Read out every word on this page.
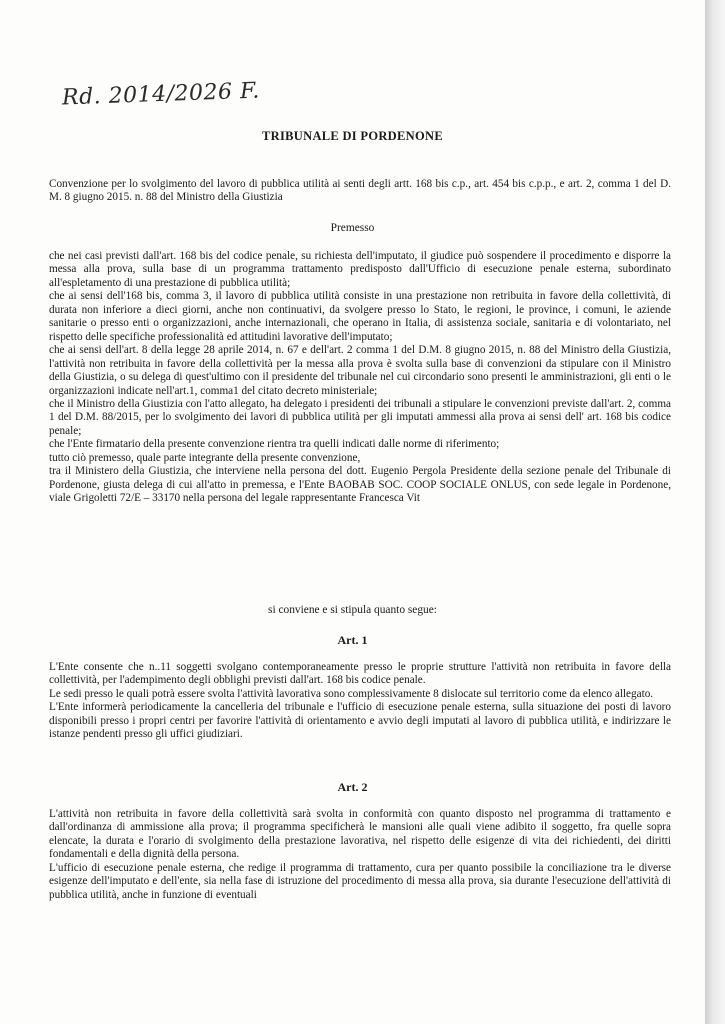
Rd. 2014/2026 F.
TRIBUNALE DI PORDENONE
Convenzione per lo svolgimento del lavoro di pubblica utilità ai senti degli artt. 168 bis c.p., art. 454 bis c.p.p., e art. 2, comma 1 del D. M. 8 giugno 2015. n. 88 del Ministro della Giustizia
Premesso

che nei casi previsti dall'art. 168 bis del codice penale, su richiesta dell'imputato, il giudice può sospendere il procedimento e disporre la messa alla prova, sulla base di un programma trattamento predisposto dall'Ufficio di esecuzione penale esterna, subordinato all'espletamento di una prestazione di pubblica utilità;

che ai sensi dell'168 bis, comma 3, il lavoro di pubblica utilità consiste in una prestazione non retribuita in favore della collettività, di durata non inferiore a dieci giorni, anche non continuativi, da svolgere presso lo Stato, le regioni, le province, i comuni, le aziende sanitarie o presso enti o organizzazioni, anche internazionali, che operano in Italia, di assistenza sociale, sanitaria e di volontariato, nel rispetto delle specifiche professionalità ed attitudini lavorative dell'imputato;

che ai sensi dell'art. 8 della legge 28 aprile 2014, n. 67 e dell'art. 2 comma 1 del D.M. 8 giugno 2015, n. 88 del Ministro della Giustizia, l'attività non retribuita in favore della collettività per la messa alla prova è svolta sulla base di convenzioni da stipulare con il Ministro della Giustizia, o su delega di quest'ultimo con il presidente del tribunale nel cui circondario sono presenti le amministrazioni, gli enti o le organizzazioni indicate nell'art.1, comma1 del citato decreto ministeriale;

che il Ministro della Giustizia con l'atto allegato, ha delegato i presidenti dei tribunali a stipulare le convenzioni previste dall'art. 2, comma 1 del D.M. 88/2015, per lo svolgimento dei lavori di pubblica utilità per gli imputati ammessi alla prova ai sensi dell' art. 168 bis codice penale;

che l'Ente firmatario della presente convenzione rientra tra quelli indicati dalle norme di riferimento;

tutto ciò premesso, quale parte integrante della presente convenzione,

tra il Ministero della Giustizia, che interviene nella persona del dott. Eugenio Pergola Presidente della sezione penale del Tribunale di Pordenone, giusta delega di cui all'atto in premessa, e l'Ente BAOBAB SOC. COOP SOCIALE ONLUS, con sede legale in Pordenone, viale Grigoletti 72/E – 33170 nella persona del legale rappresentante Francesca Vit

si conviene e si stipula quanto segue:
Art. 1

L'Ente consente che n..11 soggetti svolgano contemporaneamente presso le proprie strutture l'attività non retribuita in favore della collettività, per l'adempimento degli obblighi previsti dall'art. 168 bis codice penale.

Le sedi presso le quali potrà essere svolta l'attività lavorativa sono complessivamente 8 dislocate sul territorio come da elenco allegato.

L'Ente informerà periodicamente la cancelleria del tribunale e l'ufficio di esecuzione penale esterna, sulla situazione dei posti di lavoro disponibili presso i propri centri per favorire l'attività di orientamento e avvio degli imputati al lavoro di pubblica utilità, e indirizzare le istanze pendenti presso gli uffici giudiziari.

Art. 2

L'attività non retribuita in favore della collettività sarà svolta in conformità con quanto disposto nel programma di trattamento e dall'ordinanza di ammissione alla prova; il programma specificherà le mansioni alle quali viene adibito il soggetto, fra quelle sopra elencate, la durata e l'orario di svolgimento della prestazione lavorativa, nel rispetto delle esigenze di vita dei richiedenti, dei diritti fondamentali e della dignità della persona.

L'ufficio di esecuzione penale esterna, che redige il programma di trattamento, cura per quanto possibile la conciliazione tra le diverse esigenze dell'imputato e dell'ente, sia nella fase di istruzione del procedimento di messa alla prova, sia durante l'esecuzione dell'attività di pubblica utilità, anche in funzione di eventuali
